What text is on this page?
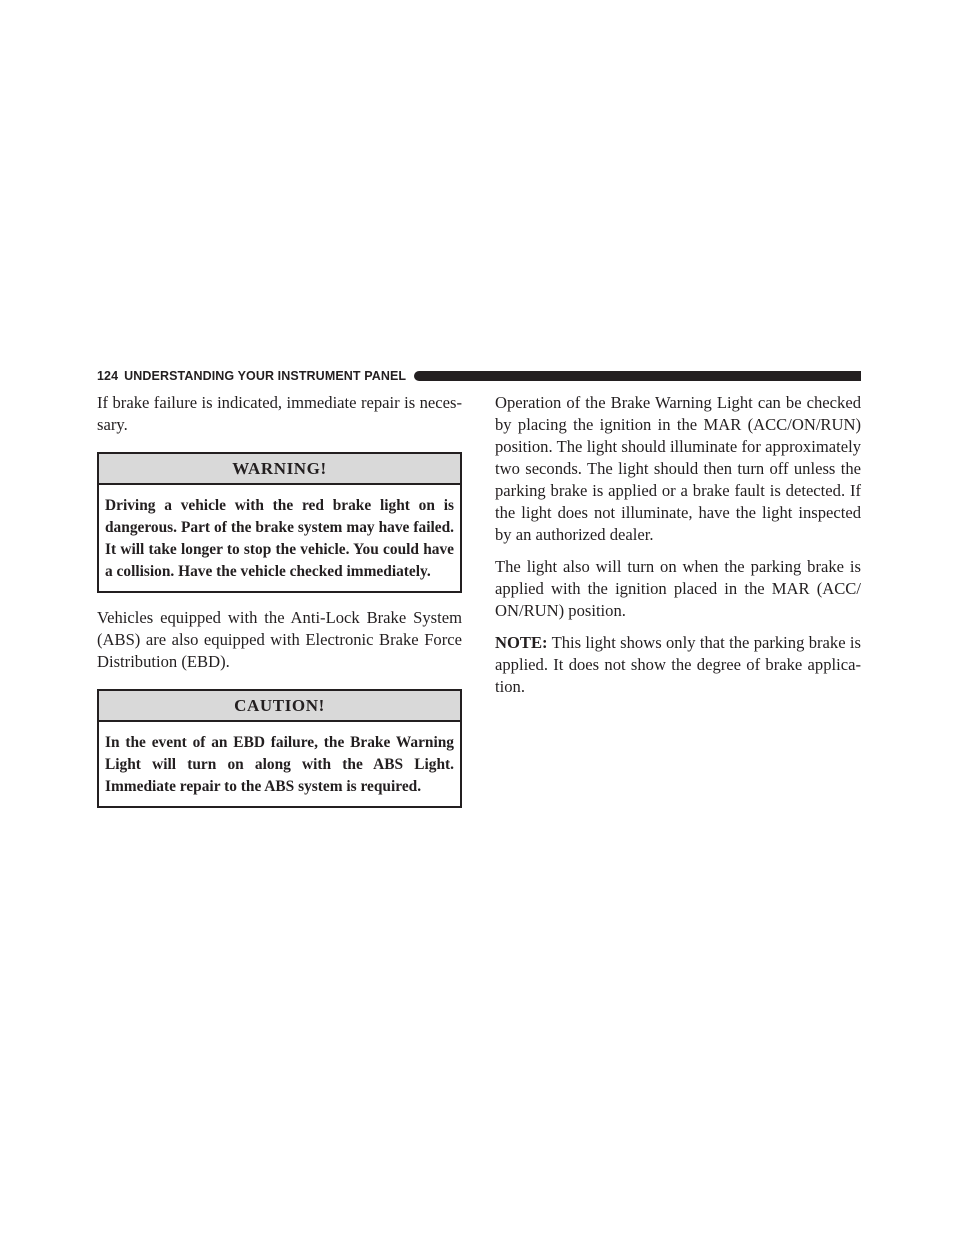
124 UNDERSTANDING YOUR INSTRUMENT PANEL

If brake failure is indicated, immediate repair is neces-sary.

WARNING!
Driving a vehicle with the red brake light on is dangerous. Part of the brake system may have failed. It will take longer to stop the vehicle. You could have a collision. Have the vehicle checked immediately.

Vehicles equipped with the Anti-Lock Brake System (ABS) are also equipped with Electronic Brake Force Distribution (EBD).

CAUTION!
In the event of an EBD failure, the Brake Warning Light will turn on along with the ABS Light. Immediate repair to the ABS system is required.

Operation of the Brake Warning Light can be checked by placing the ignition in the MAR (ACC/ON/RUN) position. The light should illuminate for approximately two seconds. The light should then turn off unless the parking brake is applied or a brake fault is detected. If the light does not illuminate, have the light inspected by an authorized dealer.

The light also will turn on when the parking brake is applied with the ignition placed in the MAR (ACC/ ON/RUN) position.

NOTE: This light shows only that the parking brake is applied. It does not show the degree of brake applica-tion.
